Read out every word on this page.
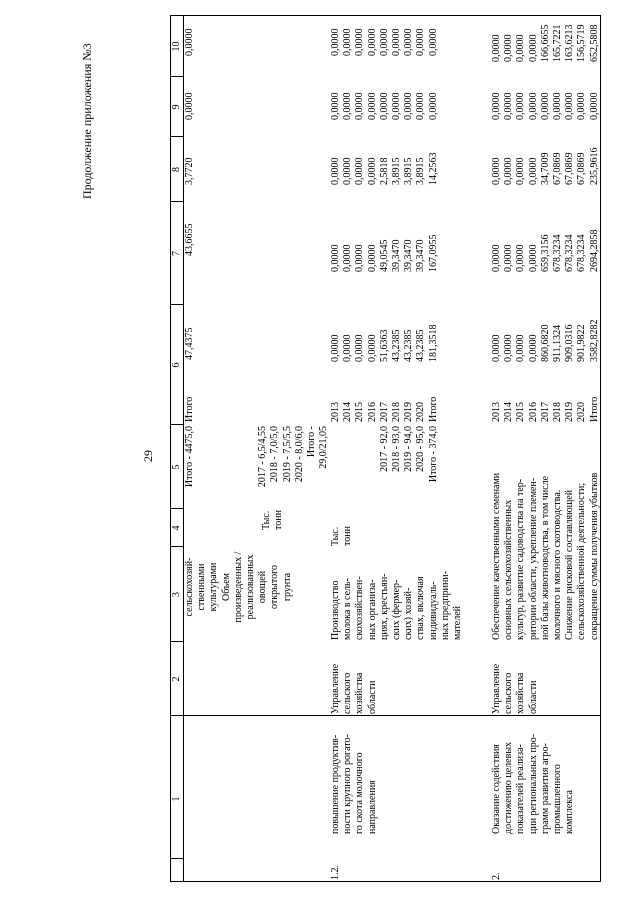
Продолжение приложения №3
29
1
2
3
4
5
6
7
8
9
10
сельскохозяй-
ственными
культурами
Объем
произведенных /
реализованных
овощей
открытого
грунта
Тыс.
тонн
Итого - 4475,0

2017 - 6,5/4,55
2018 - 7,0/5,0
2019 - 7,5/5,5
2020 - 8,0/6,0
Итого -
29,0/21,05
Итого
47,4375
43,6655
3,7720
0,0000
0,0000
1.2.
повышение продуктив-
ности крупного рогато-
го скота молочного
направления
Управление
сельского
хозяйства
области
Производство
молока в сель-
скохозяйствен-
ных организа-
циях, крестьян-
ских (фермер-
ских) хозяй-
ствах, включая
индивидуаль-
ных предприни-
мателей
Тыс.
тонн

2017 - 92,0
2018 - 93,0
2019 - 94,0
2020 - 95,0
Итого - 374,0
2013
2014
2015
2016
2017
2018
2019
2020
Итого
0,0000
0,0000
0,0000
0,0000
51,6363
43,2385
43,2385
43,2385
181,3518
0,0000
0,0000
0,0000
0,0000
49,0545
39,3470
39,3470
39,3470
167,0955
0,0000
0,0000
0,0000
0,0000
2,5818
3,8915
3,8915
3,8915
14,2563
0,0000
0,0000
0,0000
0,0000
0,0000
0,0000
0,0000
0,0000
0,0000
0,0000
0,0000
0,0000
0,0000
0,0000
0,0000
0,0000
0,0000
0,0000
2.
Оказание содействия
достижению целевых
показателей реализа-
ции региональных про-
грамм развития агро-
промышленного
комплекса
Управление
сельского
хозяйства
области
Обеспечение качественными семенами
основных сельскохозяйственных
культур, развитие садоводства на тер-
ритории области, укрепление племен-
ной базы животноводства, в том числе
молочного и мясного скотоводства.
Снижение рисковой составляющей
сельскохозяйственной деятельности;
сокращение суммы получения убытков
2013
2014
2015
2016
2017
2018
2019
2020
Итого
0,0000
0,0000
0,0000
0,0000
860,6820
911,1324
909,0316
901,9822
3582,8282
0,0000
0,0000
0,0000
0,0000
659,3156
678,3234
678,3234
678,3234
2694,2858
0,0000
0,0000
0,0000
0,0000
34,7009
67,0869
67,0869
67,0869
235,9616
0,0000
0,0000
0,0000
0,0000
0,0000
0,0000
0,0000
0,0000
0,0000
0,0000
0,0000
0,0000
0,0000
166,6655
165,7221
163,6213
156,5719
652,5808
